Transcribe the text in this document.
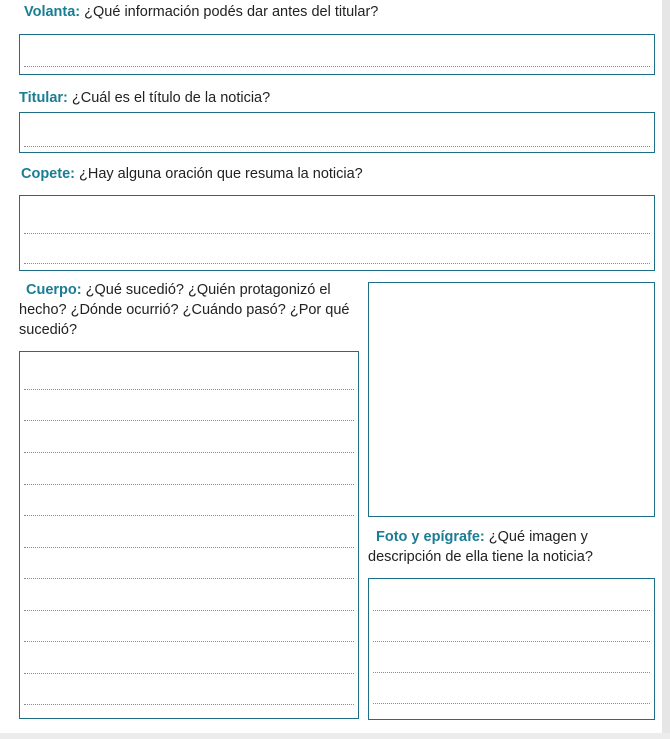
Volanta: ¿Qué información podés dar antes del titular?

Titular: ¿Cuál es el título de la noticia?

Copete: ¿Hay alguna oración que resuma la noticia?

Cuerpo: ¿Qué sucedió? ¿Quién protagonizó el hecho? ¿Dónde ocurrió? ¿Cuándo pasó? ¿Por qué sucedió?

Foto y epígrafe: ¿Qué imagen y descripción de ella tiene la noticia?
